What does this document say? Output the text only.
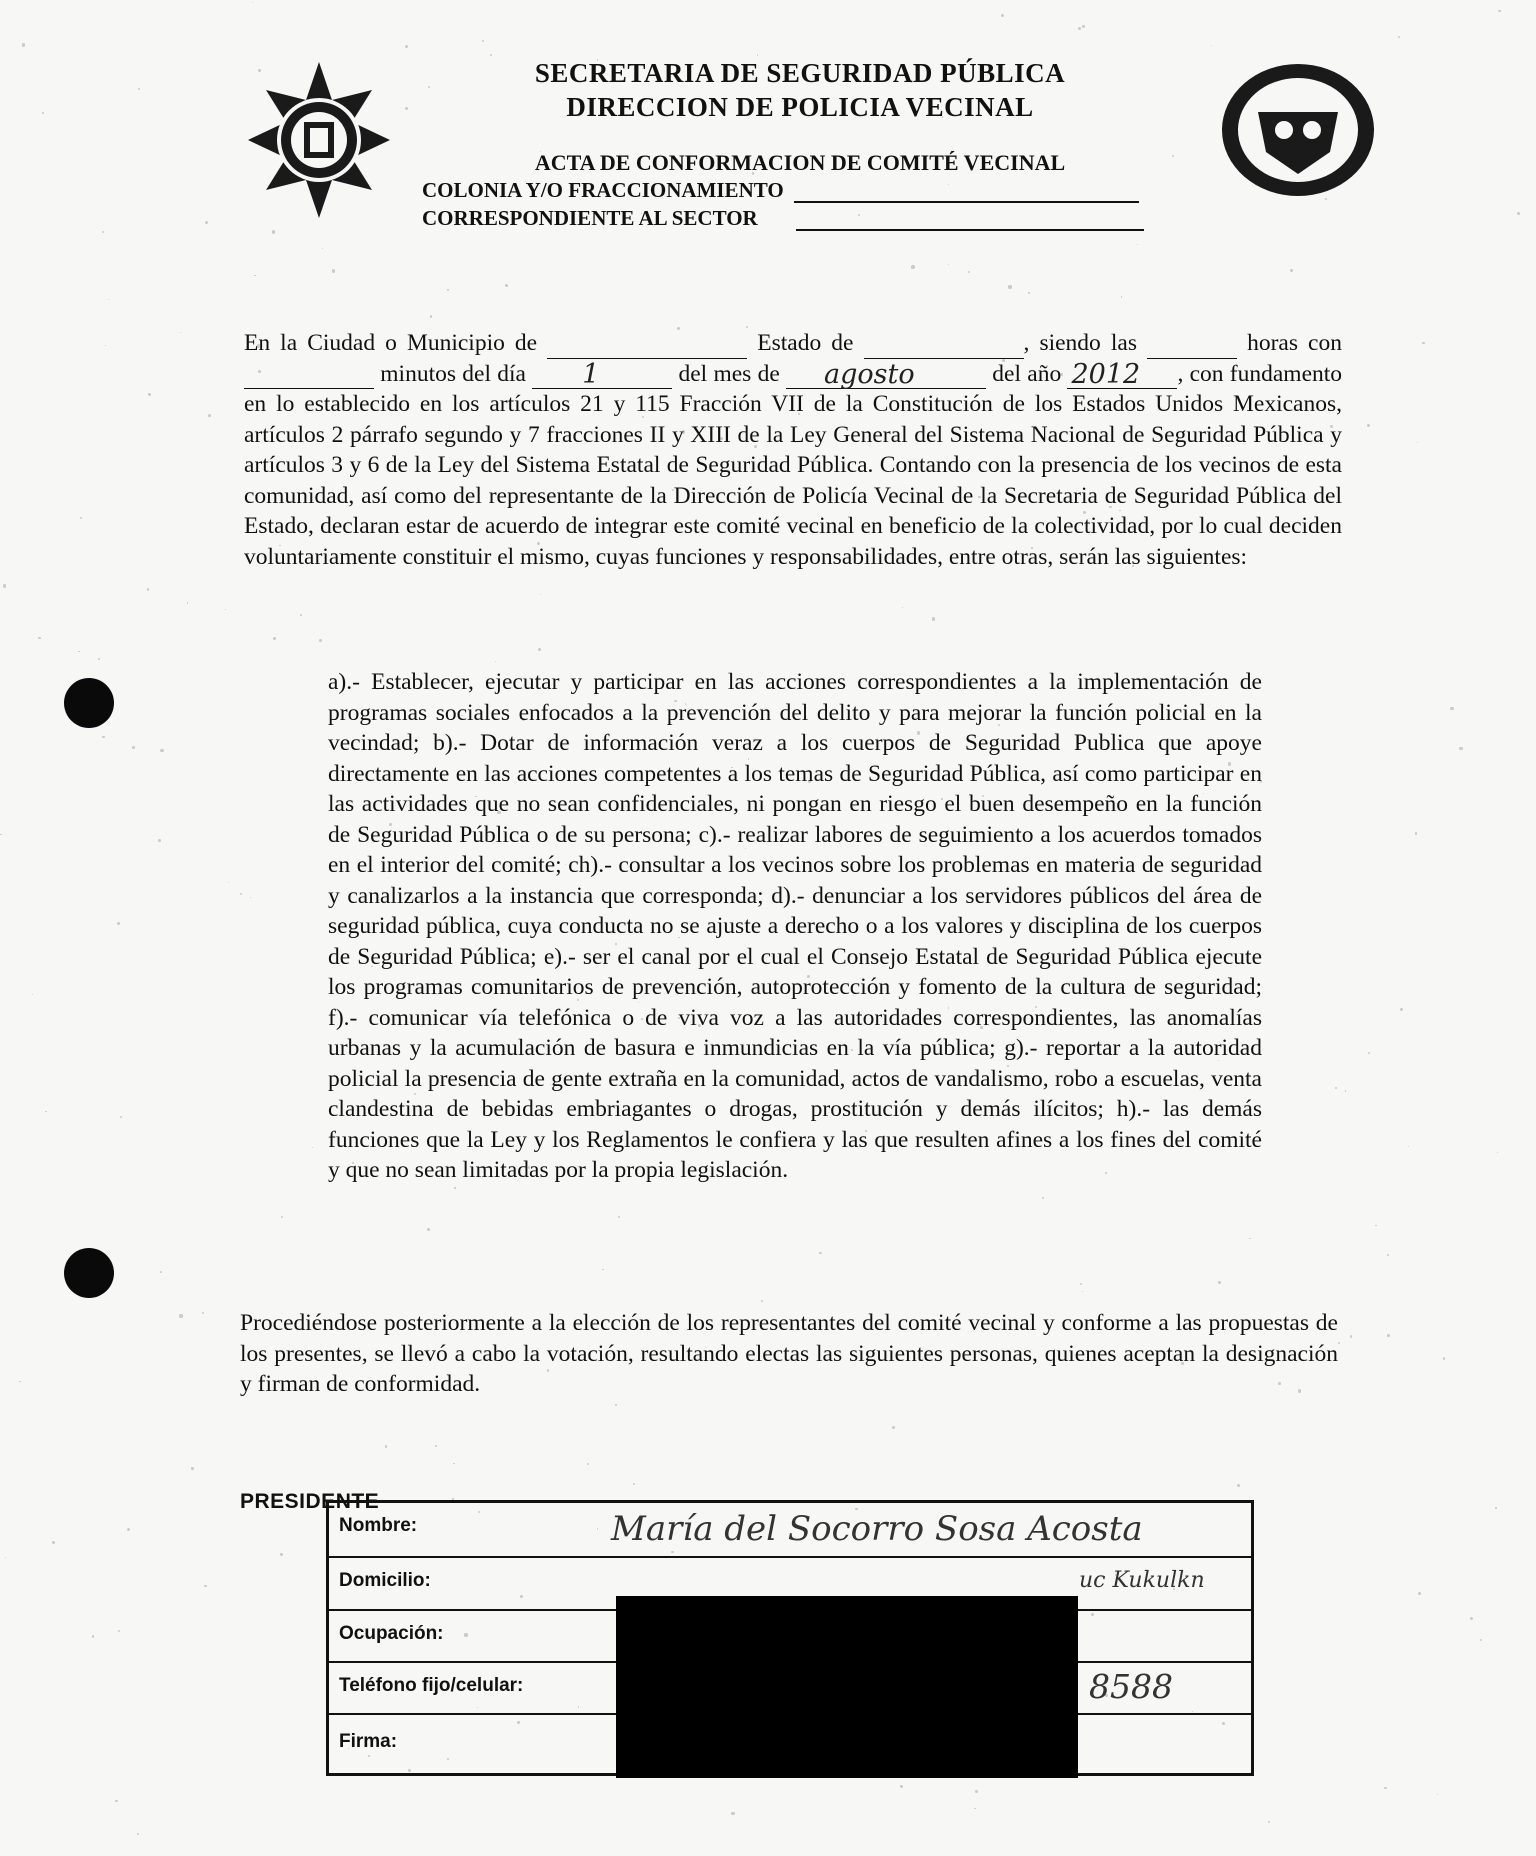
SECRETARIA DE SEGURIDAD PÚBLICA
DIRECCION DE POLICIA VECINAL
ACTA DE CONFORMACION DE COMITÉ VECINAL
COLONIA Y/O FRACCIONAMIENTO
CORRESPONDIENTE AL SECTOR
En la Ciudad o Municipio de	Estado de	, siendo las	horas con  minutos del día 1	del mes de agosto	del año 2012 , con fundamento en lo establecido en los artículos 21 y 115 Fracción VII de la Constitución de los Estados Unidos Mexicanos, artículos 2 párrafo segundo y 7 fracciones II y XIII de la Ley General del Sistema Nacional de Seguridad Pública y artículos 3 y 6 de la Ley del Sistema Estatal de Seguridad Pública. Contando con la presencia de los vecinos de esta comunidad, así como del representante de la Dirección de Policía Vecinal de la Secretaria de Seguridad Pública del Estado, declaran estar de acuerdo de integrar este comité vecinal en beneficio de la colectividad, por lo cual deciden voluntariamente constituir el mismo, cuyas funciones y responsabilidades, entre otras, serán las siguientes:
a).- Establecer, ejecutar y participar en las acciones correspondientes a la implementación de programas sociales enfocados a la prevención del delito y para mejorar la función policial en la vecindad; b).- Dotar de información veraz a los cuerpos de Seguridad Publica que apoye directamente en las acciones competentes a los temas de Seguridad Pública, así como participar en las actividades que no sean confidenciales, ni pongan en riesgo el buen desempeño en la función de Seguridad Pública o de su persona; c).- realizar labores de seguimiento a los acuerdos tomados en el interior del comité; ch).- consultar a los vecinos sobre los problemas en materia de seguridad y canalizarlos a la instancia que corresponda; d).- denunciar a los servidores públicos del área de seguridad pública, cuya conducta no se ajuste a derecho o a los valores y disciplina de los cuerpos de Seguridad Pública; e).- ser el canal por el cual el Consejo Estatal de Seguridad Pública ejecute los programas comunitarios de prevención, autoprotección y fomento de la cultura de seguridad; f).- comunicar vía telefónica o de viva voz a las autoridades correspondientes, las anomalías urbanas y la acumulación de basura e inmundicias en la vía pública; g).- reportar a la autoridad policial la presencia de gente extraña en la comunidad, actos de vandalismo, robo a escuelas, venta clandestina de bebidas embriagantes o drogas, prostitución y demás ilícitos; h).- las demás funciones que la Ley y los Reglamentos le confiera y las que resulten afines a los fines del comité y que no sean limitadas por la propia legislación.
Procediéndose posteriormente a la elección de los representantes del comité vecinal y conforme a las propuestas de los presentes, se llevó a cabo la votación, resultando electas las siguientes personas, quienes aceptan la designación y firman de conformidad.
PRESIDENTE
Nombre:	María del Socorro Sosa Acosta
Domicilio:	uc Kukulkn
Ocupación:
Teléfono fijo/celular:	8588
Firma:
